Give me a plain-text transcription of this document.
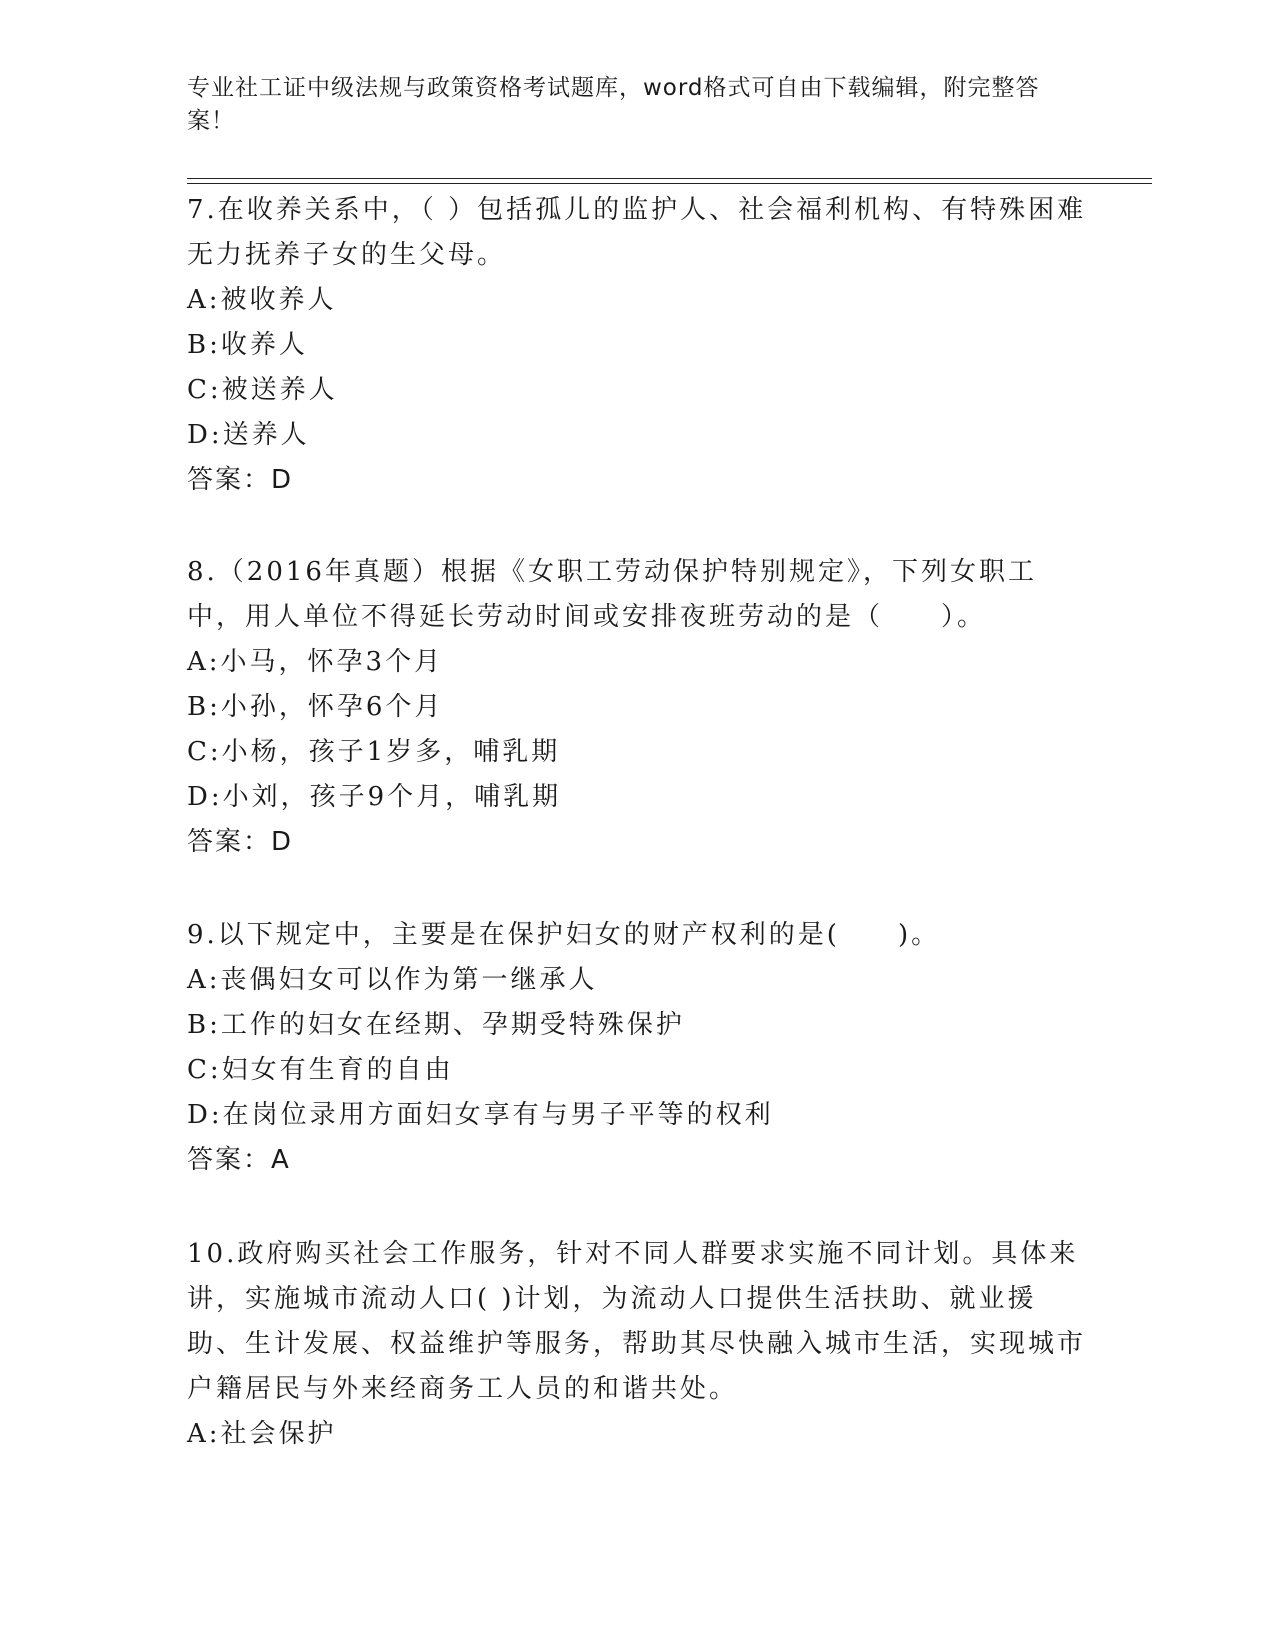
专业社工证中级法规与政策资格考试题库，word格式可自由下载编辑，附完整答案！

7.在收养关系中，（ ）包括孤儿的监护人、社会福利机构、有特殊困难无力抚养子女的生父母。

A:被收养人

B:收养人

C:被送养人

D:送养人

答案：D

8.（2016年真题）根据《女职工劳动保护特别规定》，下列女职工中，用人单位不得延长劳动时间或安排夜班劳动的是（　　）。

A:小马，怀孕3个月

B:小孙，怀孕6个月

C:小杨，孩子1岁多，哺乳期

D:小刘，孩子9个月，哺乳期

答案：D

9.以下规定中，主要是在保护妇女的财产权利的是(　　)。

A:丧偶妇女可以作为第一继承人

B:工作的妇女在经期、孕期受特殊保护

C:妇女有生育的自由

D:在岗位录用方面妇女享有与男子平等的权利

答案：A

10.政府购买社会工作服务，针对不同人群要求实施不同计划。具体来讲，实施城市流动人口( )计划，为流动人口提供生活扶助、就业援助、生计发展、权益维护等服务，帮助其尽快融入城市生活，实现城市户籍居民与外来经商务工人员的和谐共处。

A:社会保护
